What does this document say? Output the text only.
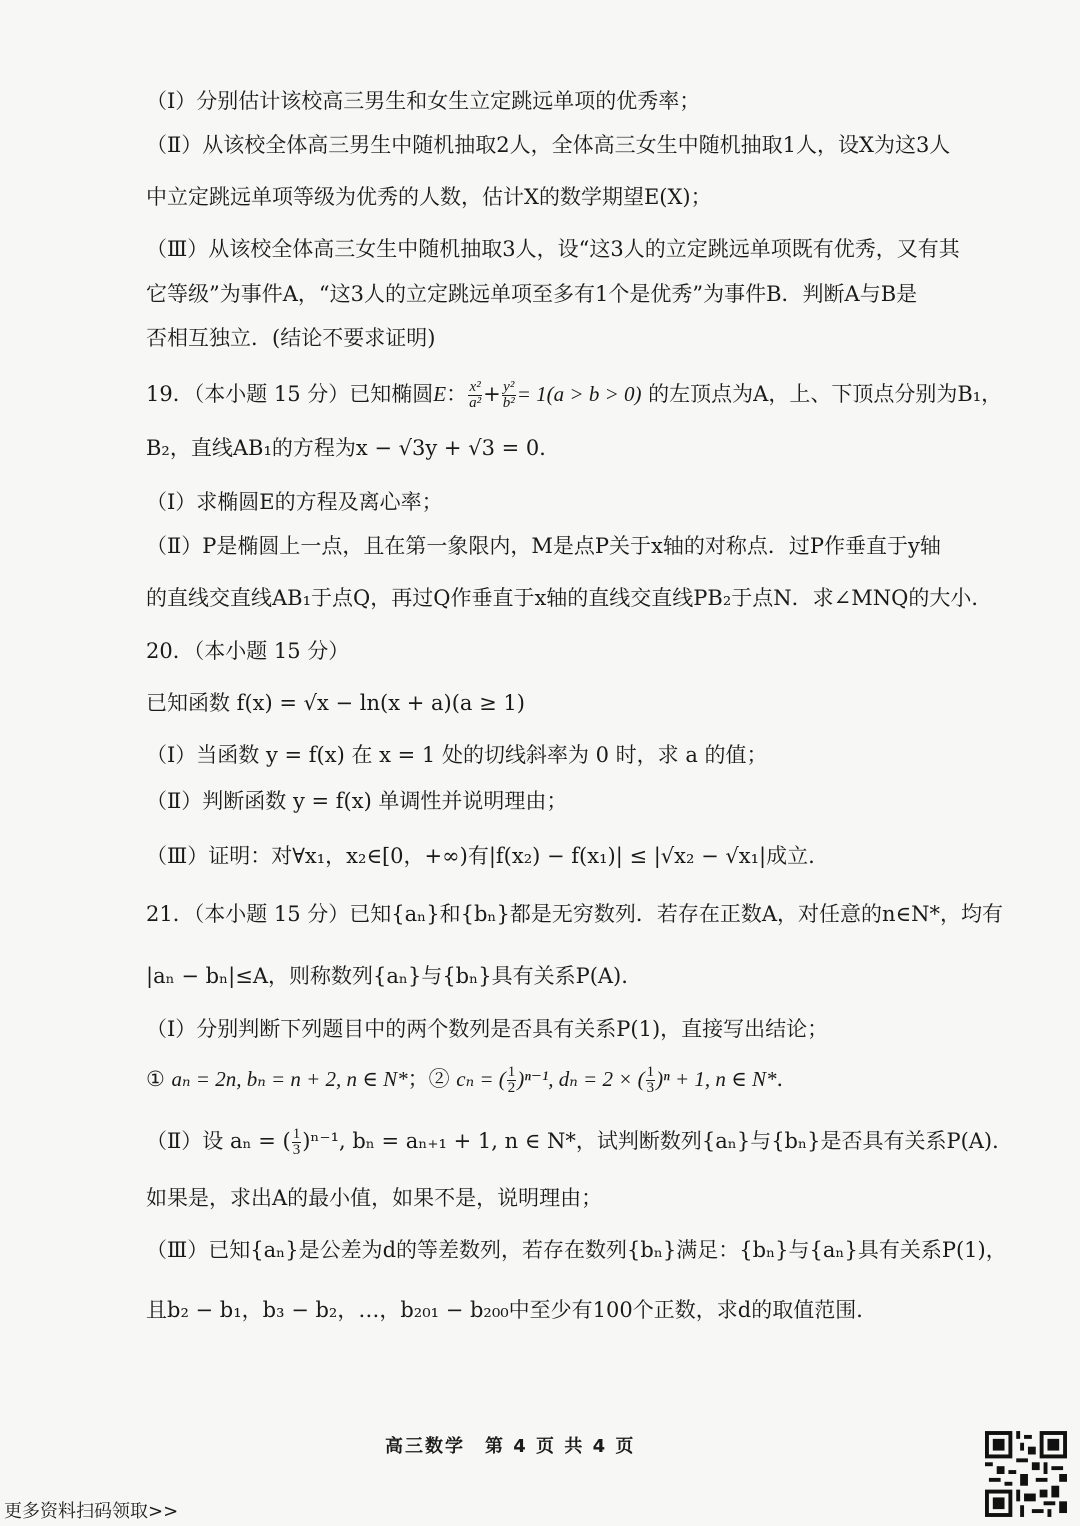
（Ⅰ）分别估计该校高三男生和女生立定跳远单项的优秀率；
（Ⅱ）从该校全体高三男生中随机抽取2人，全体高三女生中随机抽取1人，设X为这3人
中立定跳远单项等级为优秀的人数，估计X的数学期望E(X)；
（Ⅲ）从该校全体高三女生中随机抽取3人，设“这3人的立定跳远单项既有优秀，又有其
它等级”为事件A，“这3人的立定跳远单项至多有1个是优秀”为事件B．判断A与B是
否相互独立．(结论不要求证明)
19．（本小题 15 分）已知椭圆E： $\frac{\text{x²}}{\text{a²}} + \frac{\text{y²}}{\text{b²}} = 1(a > b > 0)$ 的左顶点为A，上、下顶点分别为B₁，
B₂，直线AB₁的方程为x − √3y + √3 = 0．
（Ⅰ）求椭圆E的方程及离心率；
（Ⅱ）P是椭圆上一点，且在第一象限内，M是点P关于x轴的对称点．过P作垂直于y轴
的直线交直线AB₁于点Q，再过Q作垂直于x轴的直线交直线PB₂于点N．求∠MNQ的大小．
20．（本小题 15 分）
已知函数 f(x) = √x − ln(x + a)(a ≥ 1)
（Ⅰ）当函数 y = f(x) 在 x = 1 处的切线斜率为 0 时，求 a 的值；
（Ⅱ）判断函数 y = f(x) 单调性并说明理由；
（Ⅲ）证明：对∀x₁，x₂∈[0，+∞)有|f(x₂) − f(x₁)| ≤ |√x₂ − √x₁|成立.
21．（本小题 15 分）已知{aₙ}和{bₙ}都是无穷数列．若存在正数A，对任意的n∈N*，均有
|aₙ − bₙ|≤A，则称数列{aₙ}与{bₙ}具有关系P(A).
（Ⅰ）分别判断下列题目中的两个数列是否具有关系P(1)，直接写出结论；
① aₙ = 2n, bₙ = n + 2, n ∈ N*；② cₙ = ( $\frac{1}{2} )^{n-1}$, dₙ = 2 × ( $\frac{1}{3} )^n + 1$, n ∈ N*．
（Ⅱ）设 aₙ = ( $\frac{1}{3} )^{n-1}$, bₙ = aₙ₊₁ + 1, n ∈ N*，试判断数列{aₙ}与{bₙ}是否具有关系P(A)．
如果是，求出A的最小值，如果不是，说明理由；
（Ⅲ）已知{aₙ}是公差为d的等差数列，若存在数列{bₙ}满足：{bₙ}与{aₙ}具有关系P(1)，
且b₂ − b₁，b₃ − b₂，…，b₂₀₁ − b₂₀₀中至少有100个正数，求d的取值范围．
高三数学　第 4 页 共 4 页
更多资料扫码领取>>
